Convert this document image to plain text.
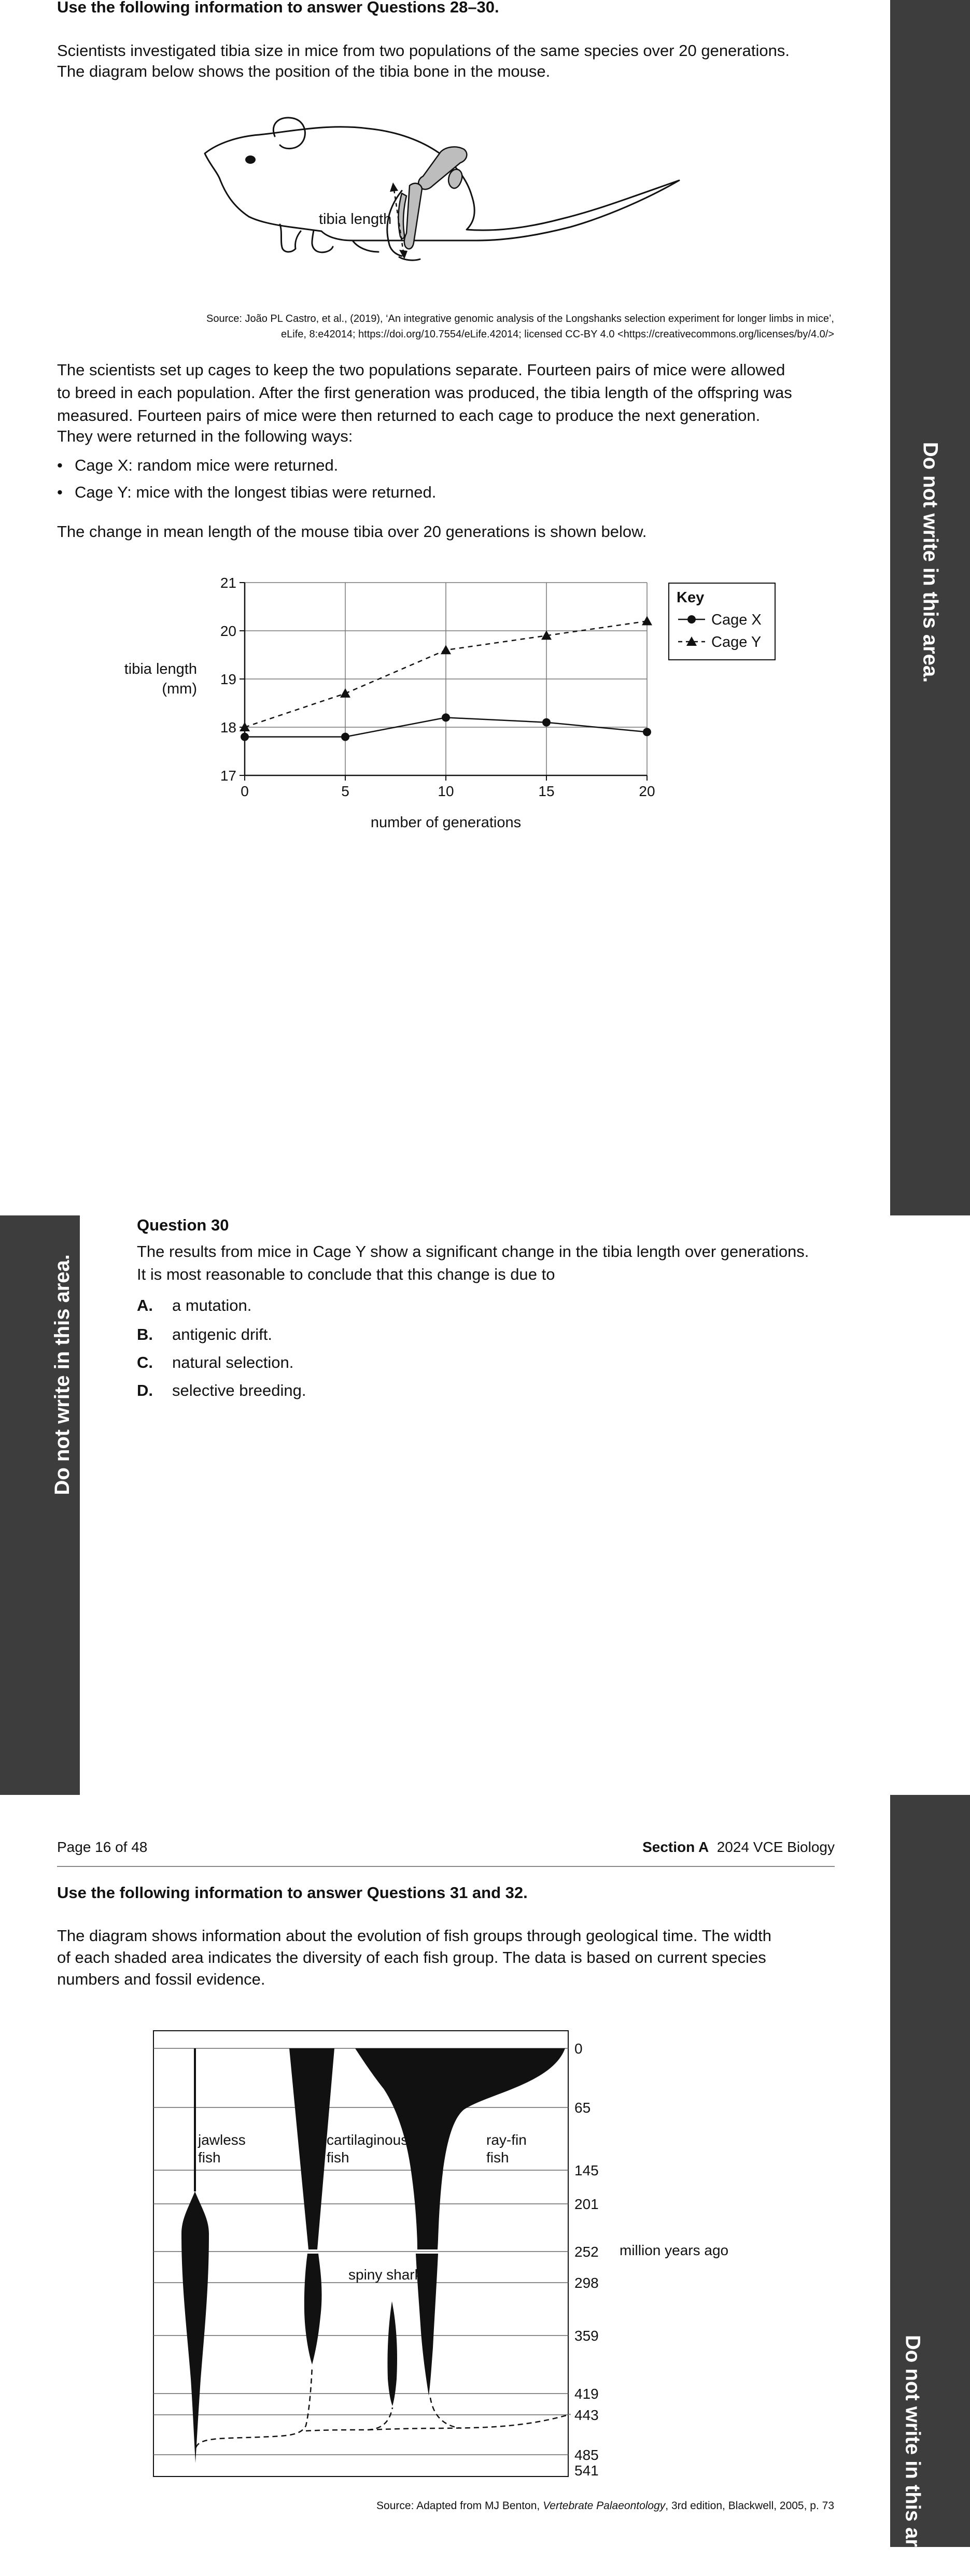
Do not write in this area.
Do not write in this area.
Do not write in this area.

Use the following information to answer Questions 28–30.

Scientists investigated tibia size in mice from two populations of the same species over 20 generations.

The diagram below shows the position of the tibia bone in the mouse.

tibia length
Source: João PL Castro, et al., (2019), ‘An integrative genomic analysis of the Longshanks selection experiment for longer limbs in mice’,
eLife, 8:e42014; https://doi.org/10.7554/eLife.42014; licensed CC-BY 4.0 <https://creativecommons.org/licenses/by/4.0/>

The scientists set up cages to keep the two populations separate. Fourteen pairs of mice were allowed

to breed in each population. After the first generation was produced, the tibia length of the offspring was

measured. Fourteen pairs of mice were then returned to each cage to produce the next generation.

They were returned in the following ways:

• Cage X: random mice were returned.
• Cage Y: mice with the longest tibias were returned.

The change in mean length of the mouse tibia over 20 generations is shown below.

17
18
19
20
21
0	5	10	15	20
tibia length
(mm)
number of generations
Key
Cage X
Cage Y

Question 30

The results from mice in Cage Y show a significant change in the tibia length over generations.

It is most reasonable to conclude that this change is due to

A. a mutation.
B. antigenic drift.
C. natural selection.
D. selective breeding.
Page 16 of 48	Section A 2024 VCE Biology

Use the following information to answer Questions 31 and 32.

The diagram shows information about the evolution of fish groups through geological time. The width

of each shaded area indicates the diversity of each fish group. The data is based on current species

numbers and fossil evidence.

0
65
145
201
252
298
359
419
443
485
541
million years ago
jawless
fish
cartilaginous
fish
ray-fin
fish
spiny sharks
Source: Adapted from MJ Benton, Vertebrate Palaeontology, 3rd edition, Blackwell, 2005, p. 73
